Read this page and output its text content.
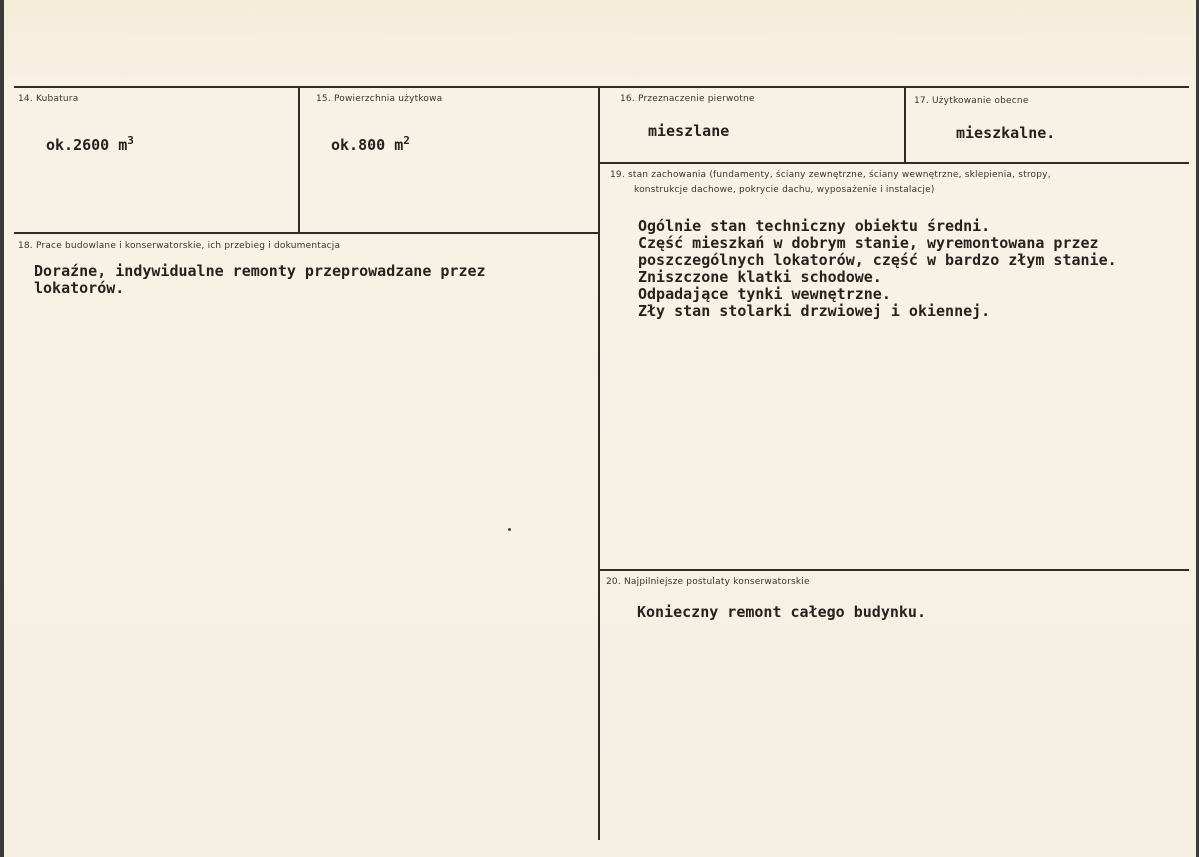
14. Kubatura
ok.2600 $m^3$
15. Powierzchnia użytkowa
ok.800 $m^2$
16. Przeznaczenie pierwotne
mieszlane
17. Użytkowanie obecne
mieszkalne.
18. Prace budowlane i konserwatorskie, ich przebieg i dokumentacja
Doraźne, indywidualne remonty przeprowadzane przez
lokatorów.
19. stan zachowania (fundamenty, ściany zewnętrzne, ściany wewnętrzne, sklepienia, stropy,
konstrukcje dachowe, pokrycie dachu, wyposażenie i instalacje)
Ogólnie stan techniczny obiektu średni.
Część mieszkań w dobrym stanie, wyremontowana przez
poszczególnych lokatorów, część w bardzo złym stanie.
Zniszczone klatki schodowe.
Odpadające tynki wewnętrzne.
Zły stan stolarki drzwiowej i okiennej.
20. Najpilniejsze postulaty konserwatorskie
Konieczny remont całego budynku.
